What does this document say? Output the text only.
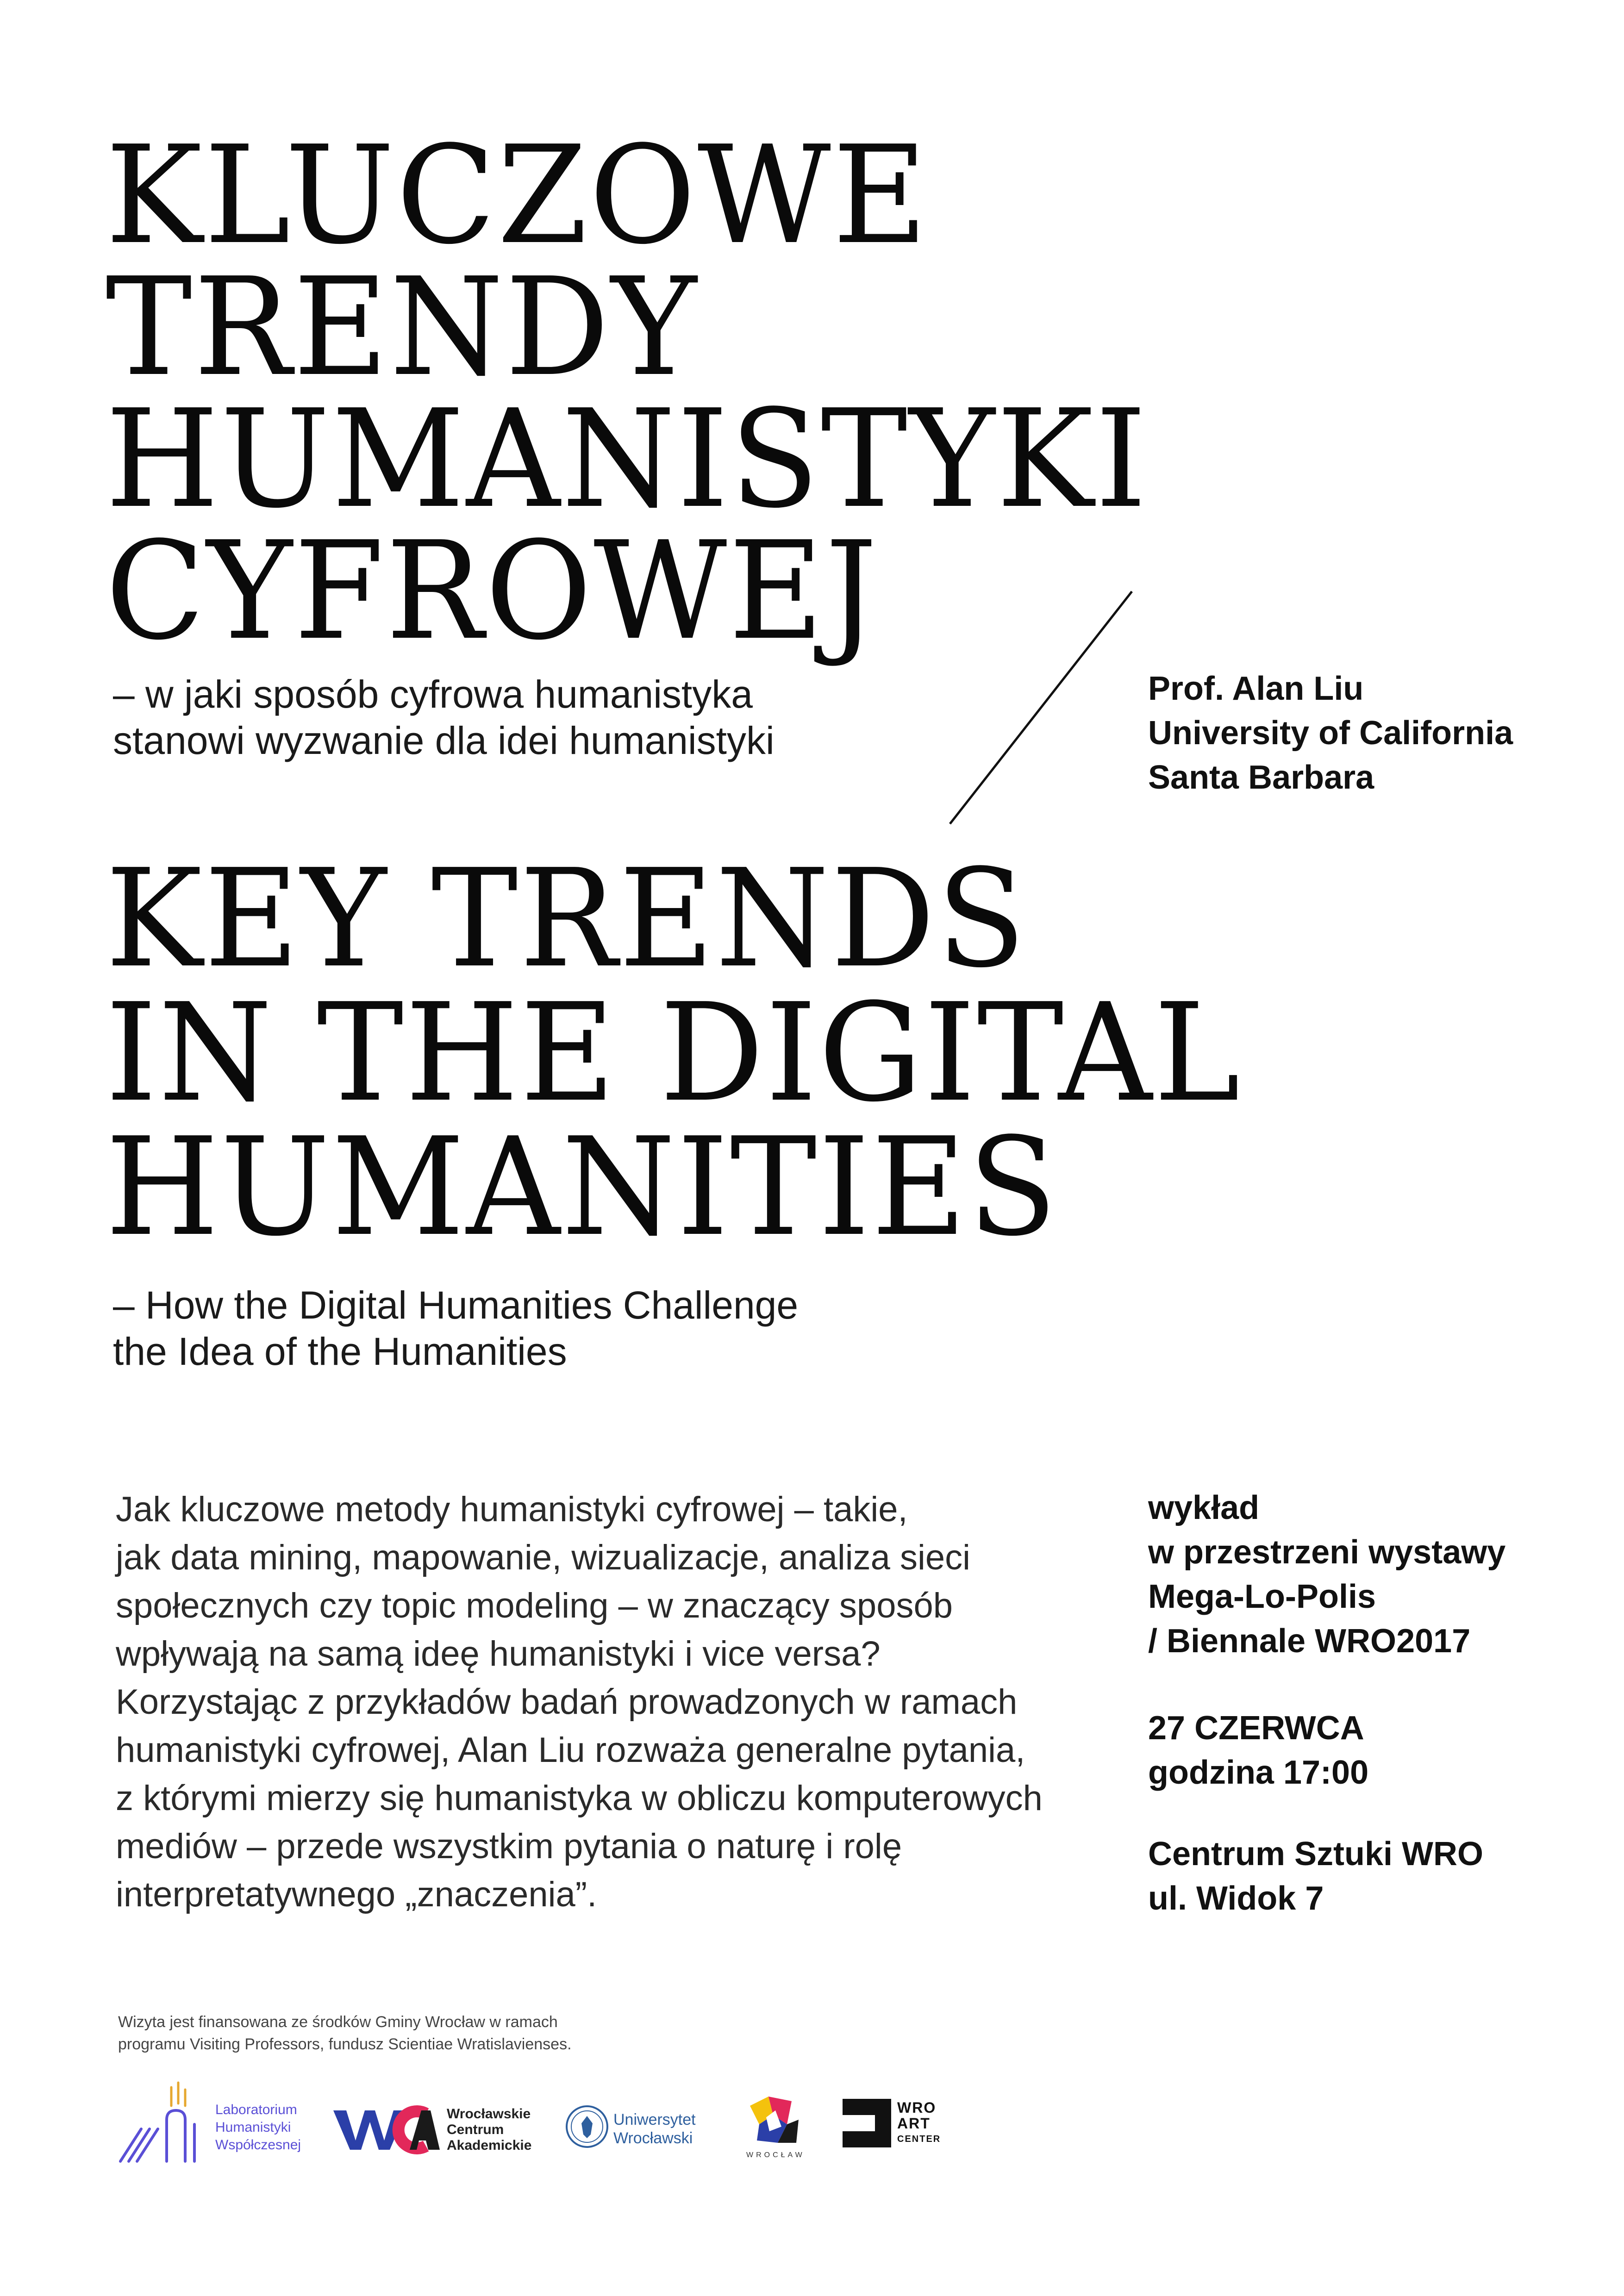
KLUCZOWE
TRENDY
HUMANISTYKI
CYFROWEJ
– w jaki sposób cyfrowa humanistyka
stanowi wyzwanie dla idei humanistyki
Prof. Alan Liu
University of California
Santa Barbara
KEY TRENDS
IN THE DIGITAL
HUMANITIES
– How the Digital Humanities Challenge
the Idea of the Humanities
Jak kluczowe metody humanistyki cyfrowej – takie,
jak data mining, mapowanie, wizualizacje, analiza sieci
społecznych czy topic modeling – w znaczący sposób
wpływają na samą ideę humanistyki i vice versa?
Korzystając z przykładów badań prowadzonych w ramach
humanistyki cyfrowej, Alan Liu rozważa generalne pytania,
z którymi mierzy się humanistyka w obliczu komputerowych
mediów – przede wszystkim pytania o naturę i rolę
interpretatywnego „znaczenia”.
wykład
w przestrzeni wystawy
Mega-Lo-Polis
/ Biennale WRO2017
27 CZERWCA
godzina 17:00
Centrum Sztuki WRO
ul. Widok 7
Wizyta jest finansowana ze środków Gminy Wrocław w ramach
programu Visiting Professors, fundusz Scientiae Wratislavienses.
Laboratorium
Humanistyki
Współczesnej
Wrocławskie
Centrum
Akademickie
Uniwersytet
Wrocławski
WROCŁAW
WRO
ART
CENTER
